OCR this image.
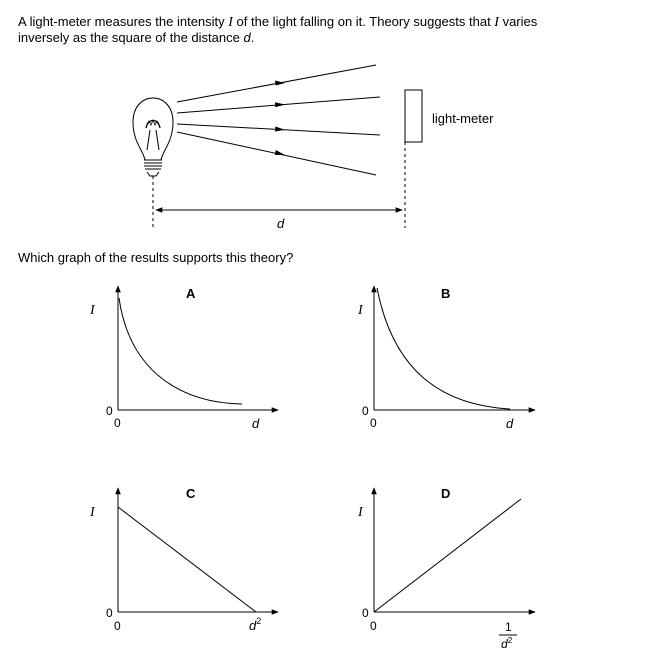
A light-meter measures the intensity I of the light falling on it. Theory suggests that I varies
inversely as the square of the distance d.
light-meter
d
Which graph of the results supports this theory?
A
I
0
0	d
B
I
0
0	d
C
I
0
0	$d^2$
D
I
0
0	1
$d^2$
